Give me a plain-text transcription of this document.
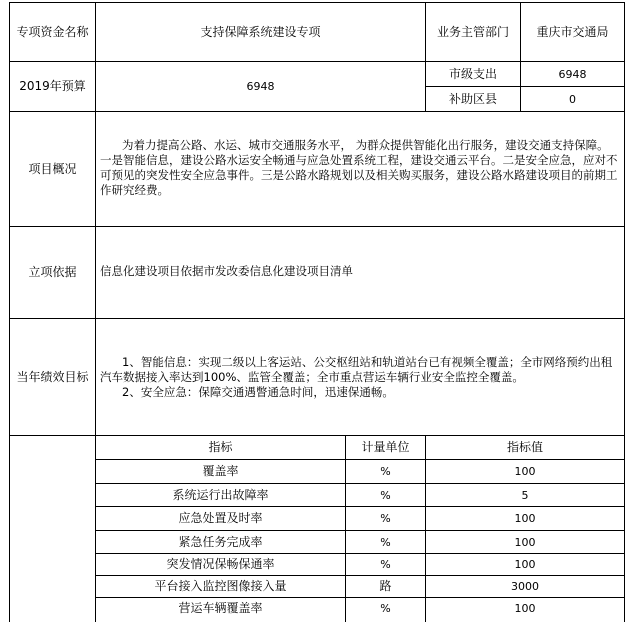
专项资金名称	支持保障系统建设专项	业务主管部门	重庆市交通局
2019年预算	6948
市级支出	6948
补助区县	0
项目概况
为着力提高公路、水运、城市交通服务水平， 为群众提供智能化出行服务，建设交通支持保障。一是智能信息，建设公路水运安全畅通与应急处置系统工程，建设交通云平台。二是安全应急，应对不可预见的突发性安全应急事件。三是公路水路规划以及相关购买服务，建设公路水路建设项目的前期工作研究经费。
立项依据	信息化建设项目依据市发改委信息化建设项目清单
当年绩效目标
1、智能信息：实现二级以上客运站、公交枢纽站和轨道站台已有视频全覆盖；全市网络预约出租汽车数据接入率达到100%、监管全覆盖；全市重点营运车辆行业安全监控全覆盖。
2、安全应急：保障交通遇瞥通急时间，迅速保通畅。
指标	计量单位	指标值
覆盖率	%	100
系统运行出故障率	%	5
应急处置及时率	%	100
紧急任务完成率	%	100
突发情况保畅保通率	%	100
平台接入监控图像接入量	路	3000
营运车辆覆盖率	%	100
